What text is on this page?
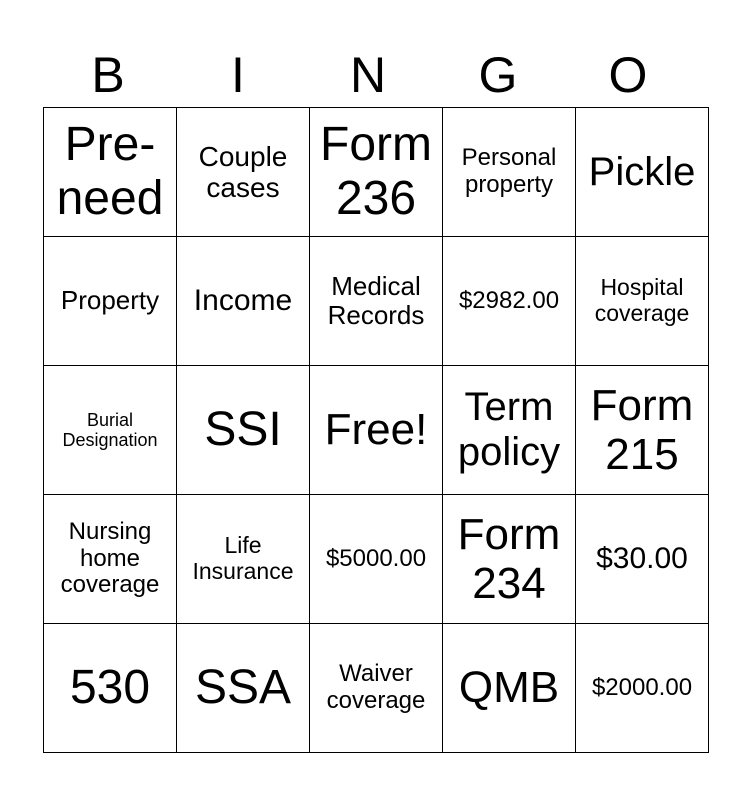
B	I	N	G	O
Pre-need	Couple cases	Form 236	Personal property	Pickle
Property	Income	Medical Records	$2982.00	Hospital coverage
Burial Designation	SSI	Free!	Term policy	Form 215
Nursing home coverage	Life Insurance	$5000.00	Form 234	$30.00
530	SSA	Waiver coverage	QMB	$2000.00
